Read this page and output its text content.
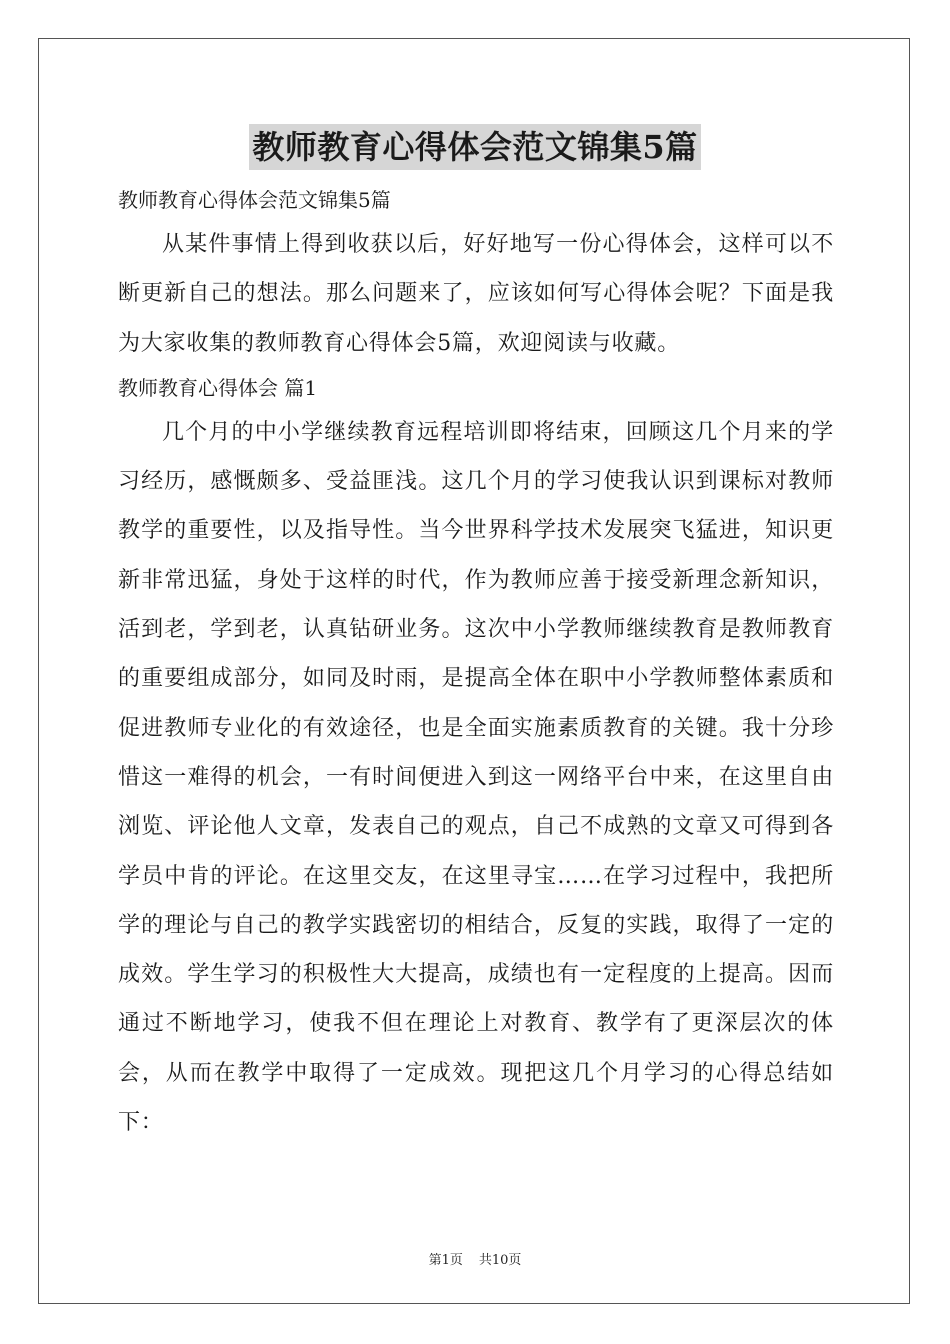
教师教育心得体会范文锦集5篇

教师教育心得体会范文锦集5篇

从某件事情上得到收获以后，好好地写一份心得体会，这样可以不断更新自己的想法。那么问题来了，应该如何写心得体会呢？下面是我为大家收集的教师教育心得体会5篇，欢迎阅读与收藏。

教师教育心得体会 篇1

几个月的中小学继续教育远程培训即将结束，回顾这几个月来的学习经历，感慨颇多、受益匪浅。这几个月的学习使我认识到课标对教师教学的重要性，以及指导性。当今世界科学技术发展突飞猛进，知识更新非常迅猛，身处于这样的时代，作为教师应善于接受新理念新知识，活到老，学到老，认真钻研业务。这次中小学教师继续教育是教师教育的重要组成部分，如同及时雨，是提高全体在职中小学教师整体素质和促进教师专业化的有效途径，也是全面实施素质教育的关键。我十分珍惜这一难得的机会，一有时间便进入到这一网络平台中来，在这里自由浏览、评论他人文章，发表自己的观点，自己不成熟的文章又可得到各学员中肯的评论。在这里交友，在这里寻宝……在学习过程中，我把所学的理论与自己的教学实践密切的相结合，反复的实践，取得了一定的成效。学生学习的积极性大大提高，成绩也有一定程度的上提高。因而通过不断地学习，使我不但在理论上对教育、教学有了更深层次的体会，从而在教学中取得了一定成效。现把这几个月学习的心得总结如下：

第1页 共10页
